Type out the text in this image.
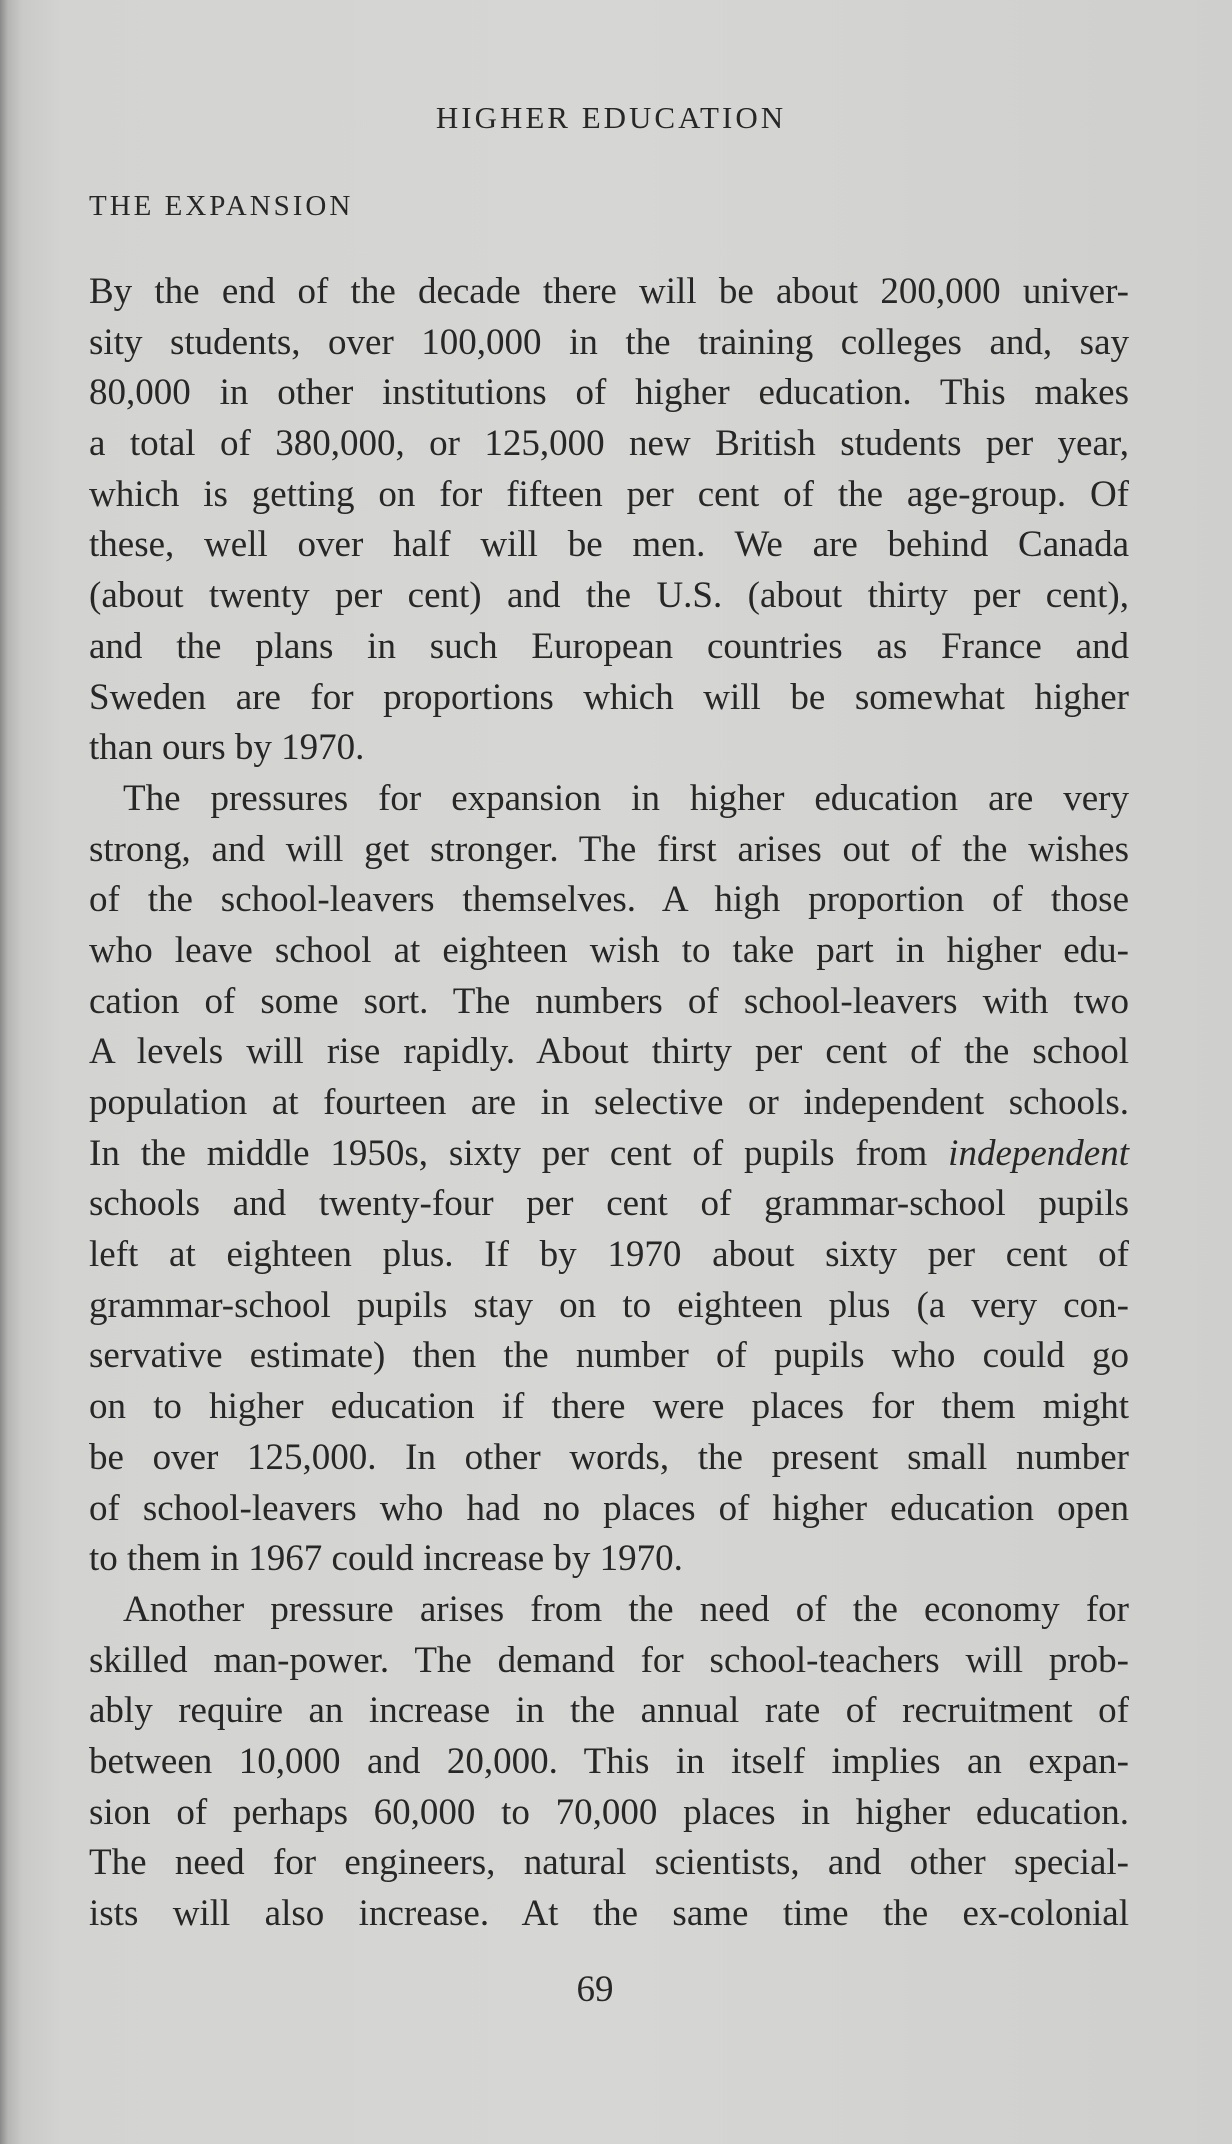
HIGHER EDUCATION
THE EXPANSION
By the end of the decade there will be about 200,000 univer-
sity students, over 100,000 in the training colleges and, say
80,000 in other institutions of higher education. This makes
a total of 380,000, or 125,000 new British students per year,
which is getting on for fifteen per cent of the age-group. Of
these, well over half will be men. We are behind Canada
(about twenty per cent) and the U.S. (about thirty per cent),
and the plans in such European countries as France and
Sweden are for proportions which will be somewhat higher
than ours by 1970.
The pressures for expansion in higher education are very
strong, and will get stronger. The first arises out of the wishes
of the school-leavers themselves. A high proportion of those
who leave school at eighteen wish to take part in higher edu-
cation of some sort. The numbers of school-leavers with two
A levels will rise rapidly. About thirty per cent of the school
population at fourteen are in selective or independent schools.
In the middle 1950s, sixty per cent of pupils from independent
schools and twenty-four per cent of grammar-school pupils
left at eighteen plus. If by 1970 about sixty per cent of
grammar-school pupils stay on to eighteen plus (a very con-
servative estimate) then the number of pupils who could go
on to higher education if there were places for them might
be over 125,000. In other words, the present small number
of school-leavers who had no places of higher education open
to them in 1967 could increase by 1970.
Another pressure arises from the need of the economy for
skilled man-power. The demand for school-teachers will prob-
ably require an increase in the annual rate of recruitment of
between 10,000 and 20,000. This in itself implies an expan-
sion of perhaps 60,000 to 70,000 places in higher education.
The need for engineers, natural scientists, and other special-
ists will also increase. At the same time the ex-colonial
69
